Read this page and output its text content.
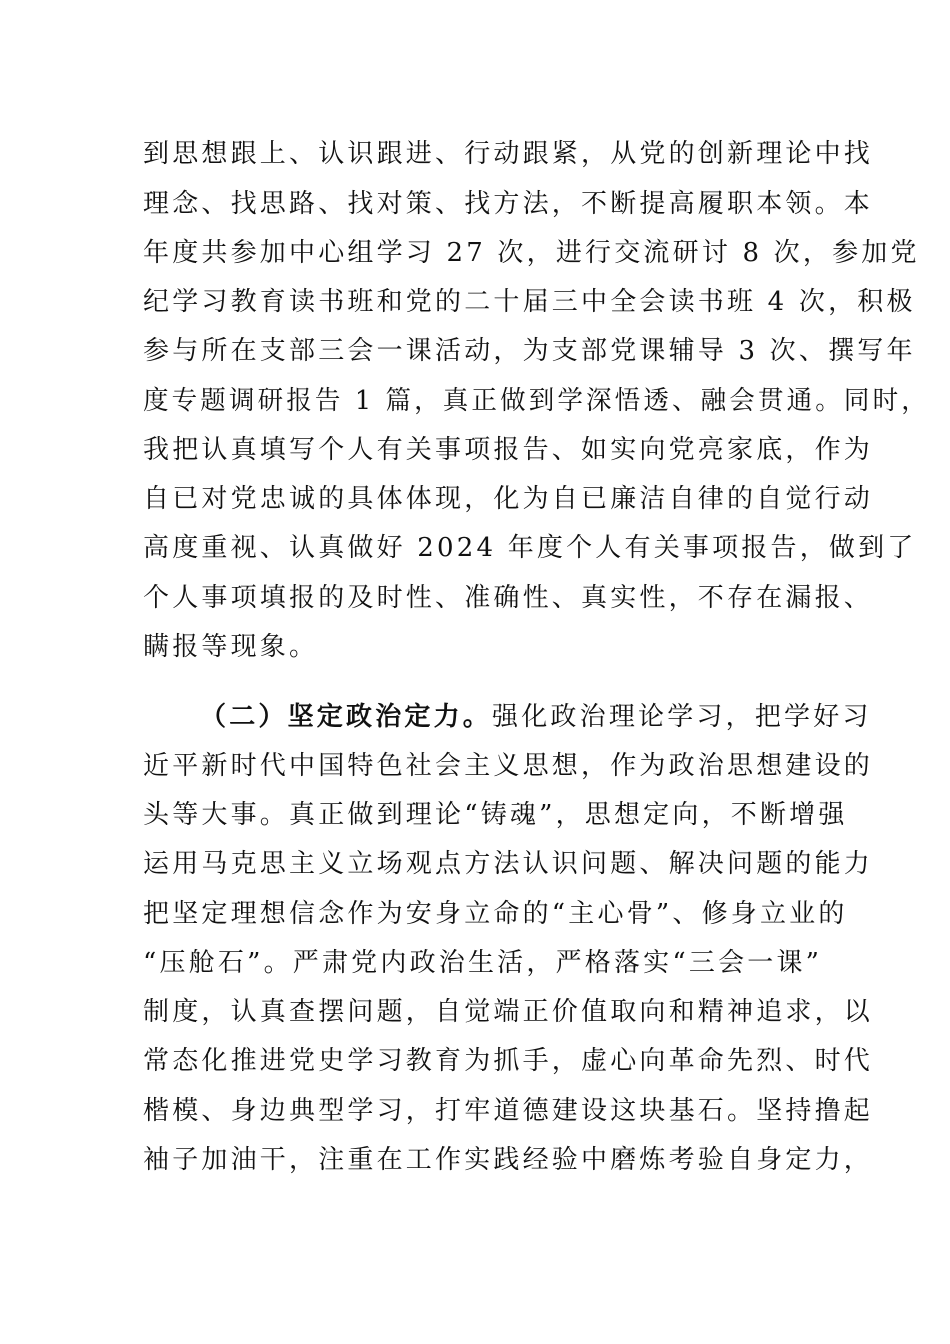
到思想跟上、认识跟进、行动跟紧，从党的创新理论中找
理念、找思路、找对策、找方法，不断提高履职本领。本
年度共参加中心组学习 27 次，进行交流研讨 8 次，参加党
纪学习教育读书班和党的二十届三中全会读书班 4 次，积极
参与所在支部三会一课活动，为支部党课辅导 3 次、撰写年
度专题调研报告 1 篇，真正做到学深悟透、融会贯通。同时，
我把认真填写个人有关事项报告、如实向党亮家底，作为
自已对党忠诚的具体体现，化为自已廉洁自律的自觉行动
高度重视、认真做好 2024 年度个人有关事项报告，做到了
个人事项填报的及时性、准确性、真实性，不存在漏报、
瞒报等现象。
（二）坚定政治定力。强化政治理论学习，把学好习
近平新时代中国特色社会主义思想，作为政治思想建设的
头等大事。真正做到理论“铸魂”，思想定向，不断增强
运用马克思主义立场观点方法认识问题、解决问题的能力
把坚定理想信念作为安身立命的“主心骨”、修身立业的
“压舱石”。严肃党内政治生活，严格落实“三会一课”
制度，认真查摆问题，自觉端正价值取向和精神追求，以
常态化推进党史学习教育为抓手，虚心向革命先烈、时代
楷模、身边典型学习，打牢道德建设这块基石。坚持撸起
袖子加油干，注重在工作实践经验中磨炼考验自身定力，
